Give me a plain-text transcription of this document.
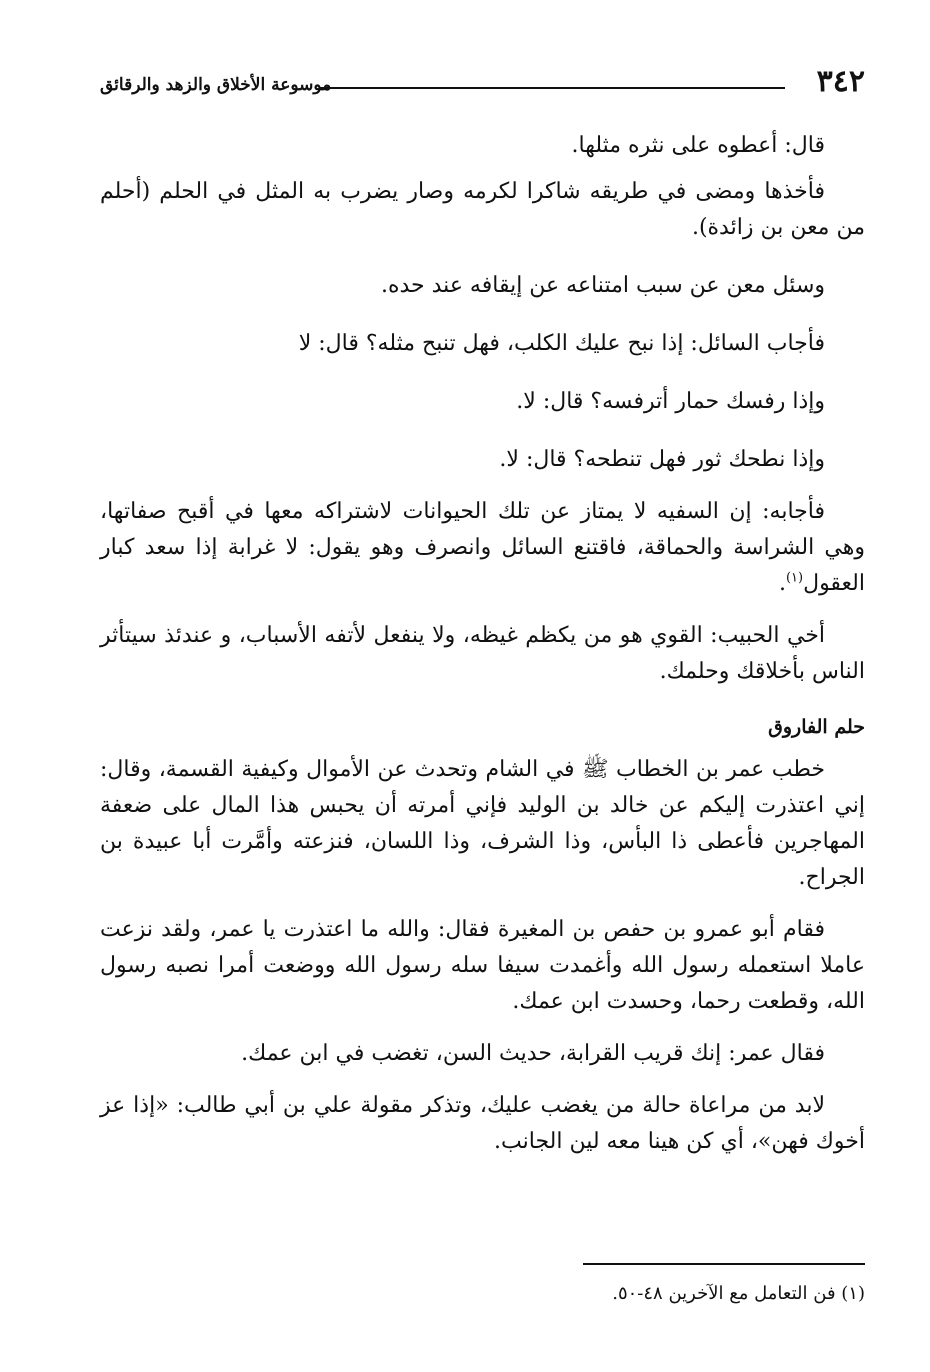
٣٤٢
موسوعة الأخلاق والزهد والرقائق

قال: أعطوه على نثره مثلها.

فأخذها ومضى في طريقه شاكرا لكرمه وصار يضرب به المثل في الحلم (أحلم من معن بن زائدة).

وسئل معن عن سبب امتناعه عن إيقافه عند حده.

فأجاب السائل: إذا نبح عليك الكلب، فهل تنبح مثله؟ قال: لا

وإذا رفسك حمار أترفسه؟ قال: لا.

وإذا نطحك ثور فهل تنطحه؟ قال: لا.

فأجابه: إن السفيه لا يمتاز عن تلك الحيوانات لاشتراكه معها في أقبح صفاتها، وهي الشراسة والحماقة، فاقتنع السائل وانصرف وهو يقول: لا غرابة إذا سعد كبار العقول$^{(١)}$.

أخي الحبيب: القوي هو من يكظم غيظه، ولا ينفعل لأتفه الأسباب، و عندئذ سيتأثر الناس بأخلاقك وحلمك.

حلم الفاروق

خطب عمر بن الخطاب ﷺ في الشام وتحدث عن الأموال وكيفية القسمة، وقال: إني اعتذرت إليكم عن خالد بن الوليد فإني أمرته أن يحبس هذا المال على ضعفة المهاجرين فأعطى ذا البأس، وذا الشرف، وذا اللسان، فنزعته وأمَّرت أبا عبيدة بن الجراح.

فقام أبو عمرو بن حفص بن المغيرة فقال: والله ما اعتذرت يا عمر، ولقد نزعت عاملا استعمله رسول الله وأغمدت سيفا سله رسول الله ووضعت أمرا نصبه رسول الله، وقطعت رحما، وحسدت ابن عمك.

فقال عمر: إنك قريب القرابة، حديث السن، تغضب في ابن عمك.

لابد من مراعاة حالة من يغضب عليك، وتذكر مقولة علي بن أبي طالب: «إذا عز أخوك فهن»، أي كن هينا معه لين الجانب.

(١) فن التعامل مع الآخرين ٤٨-٥٠.
